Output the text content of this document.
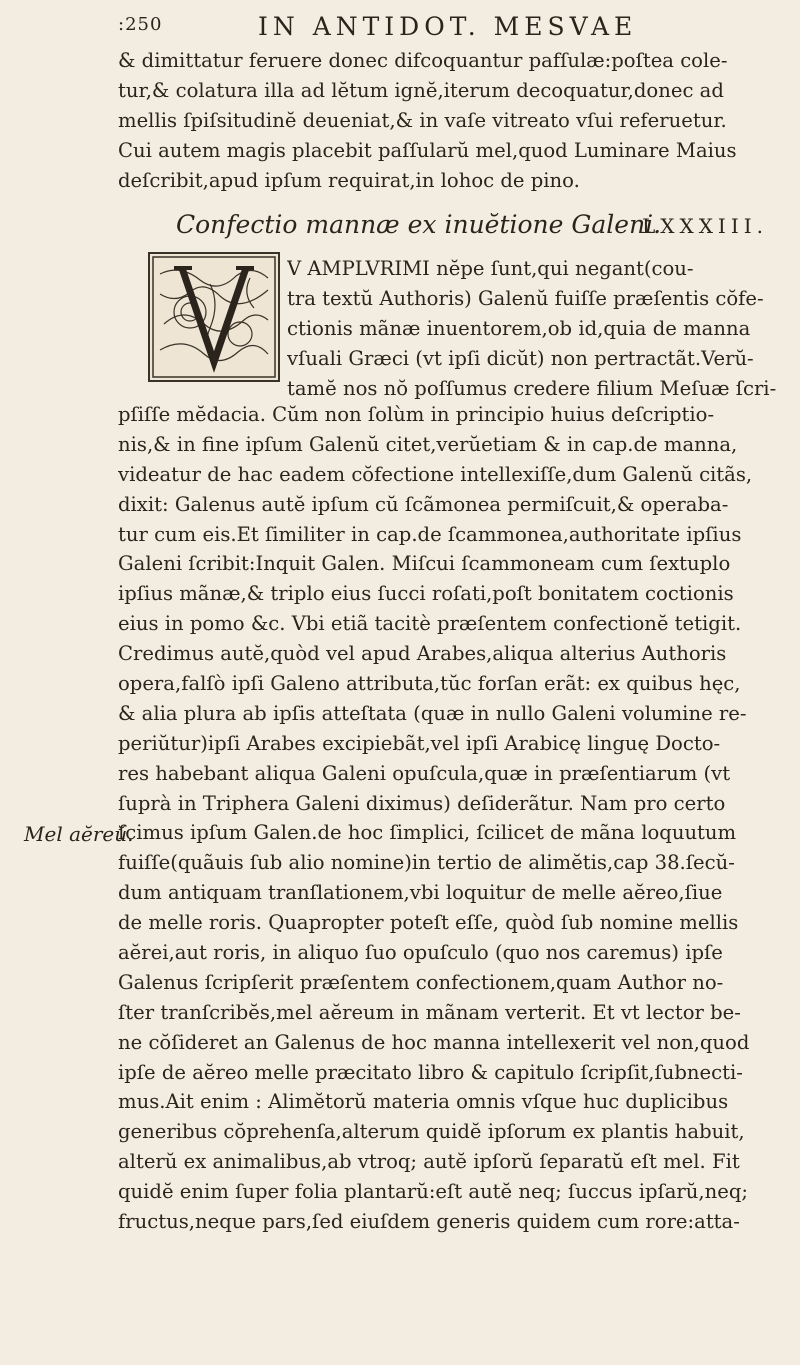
:250	IN ANTIDOT. MESVAE
& dimittatur feruere donec difcoquantur pafſulæ:poſtea cole-
tur,& colatura illa ad lĕtum ignĕ,iterum decoquatur,donec ad
mellis ſpiſsitudinĕ deueniat,& in vaſe vitreato vſui referuetur.
Cui autem magis placebit paſſularŭ mel,quod Luminare Maius
deſcribit,apud ipſum requirat,in lohoc de pino.
Confectio mannæ ex inuĕtione Galeni.
LXXXIII.
V AMPLVRIMI nĕpe ſunt,qui negant(cou-
tra textŭ Authoris) Galenŭ fuiſſe præſentis cŏfe-
ctionis mãnæ inuentorem,ob id,quia de manna
vſuali Græci (vt ipſi dicŭt) non pertractãt.Verŭ-
tamĕ nos nŏ poſſumus credere filium Meſuæ ſcri-
pſiſſe mĕdacia. Cŭm non ſolùm in principio huius deſcriptio-
nis,& in fine ipſum Galenŭ citet,verŭetiam & in cap.de manna,
videatur de hac eadem cŏfectione intellexiſſe,dum Galenŭ citãs,
dixit: Galenus autĕ ipſum cŭ ſcãmonea permiſcuit,& operaba-
tur cum eis.Et ſimiliter in cap.de ſcammonea,authoritate ipſius
Galeni ſcribit:Inquit Galen. Miſcui ſcammoneam cum ſextuplo
ipſius mãnæ,& triplo eius ſucci roſati,poſt bonitatem coctionis
eius in pomo &c. Vbi etiã tacitè præſentem confectionĕ tetigit.
Credimus autĕ,quòd vel apud Arabes,aliqua alterius Authoris
opera,falſò ipſi Galeno attributa,tŭc forſan erãt: ex quibus hęc,
& alia plura ab ipſis atteſtata (quæ in nullo Galeni volumine re-
periŭtur)ipſi Arabes excipiebãt,vel ipſi Arabicę linguę Docto-
res habebant aliqua Galeni opuſcula,quæ in præſentiarum (vt
ſuprà in Triphera Galeni diximus) deſiderãtur. Nam pro certo
ſcimus ipſum Galen.de hoc ſimplici, ſcilicet de mãna loquutum
fuiſſe(quãuis ſub alio nomine)in tertio de alimĕtis,cap 38.ſecŭ-
dum antiquam tranſlationem,vbi loquitur de melle aĕreo,ſiue
de melle roris. Quapropter poteſt eſſe, quòd ſub nomine mellis
aĕrei,aut roris, in aliquo ſuo opuſculo (quo nos caremus) ipſe
Galenus ſcripſerit præſentem confectionem,quam Author no-
ſter tranſcribĕs,mel aĕreum in mãnam verterit. Et vt lector be-
ne cŏſideret an Galenus de hoc manna intellexerit vel non,quod
ipſe de aĕreo melle præcitato libro & capitulo ſcripſit,ſubnecti-
mus.Ait enim : Alimĕtorŭ materia omnis vſque huc duplicibus
generibus cŏprehenſa,alterum quidĕ ipſorum ex plantis habuit,
alterŭ ex animalibus,ab vtroq; autĕ ipſorŭ ſeparatŭ eſt mel. Fit
quidĕ enim ſuper folia plantarŭ:eſt autĕ neq; ſuccus ipſarŭ,neq;
fructus,neque pars,ſed eiuſdem generis quidem cum rore:atta-
Mel aĕreŭ.
